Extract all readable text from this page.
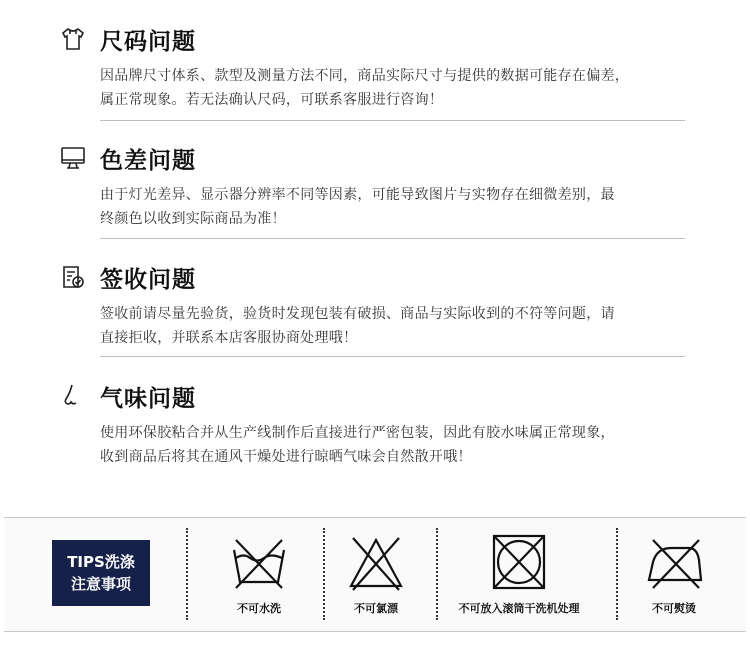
尺码问题
因品牌尺寸体系、款型及测量方法不同，商品实际尺寸与提供的数据可能存在偏差，
属正常现象。若无法确认尺码，可联系客服进行咨询！
色差问题
由于灯光差异、显示器分辨率不同等因素，可能导致图片与实物存在细微差别，最
终颜色以收到实际商品为准！
签收问题
签收前请尽量先验货，验货时发现包装有破损、商品与实际收到的不符等问题，请
直接拒收，并联系本店客服协商处理哦！
气味问题
使用环保胶粘合并从生产线制作后直接进行严密包装，因此有胶水味属正常现象，
收到商品后将其在通风干燥处进行晾晒气味会自然散开哦！
TIPS洗涤
注意事项
不可水洗	不可氯漂	不可放入滚筒干洗机处理	不可熨烫
